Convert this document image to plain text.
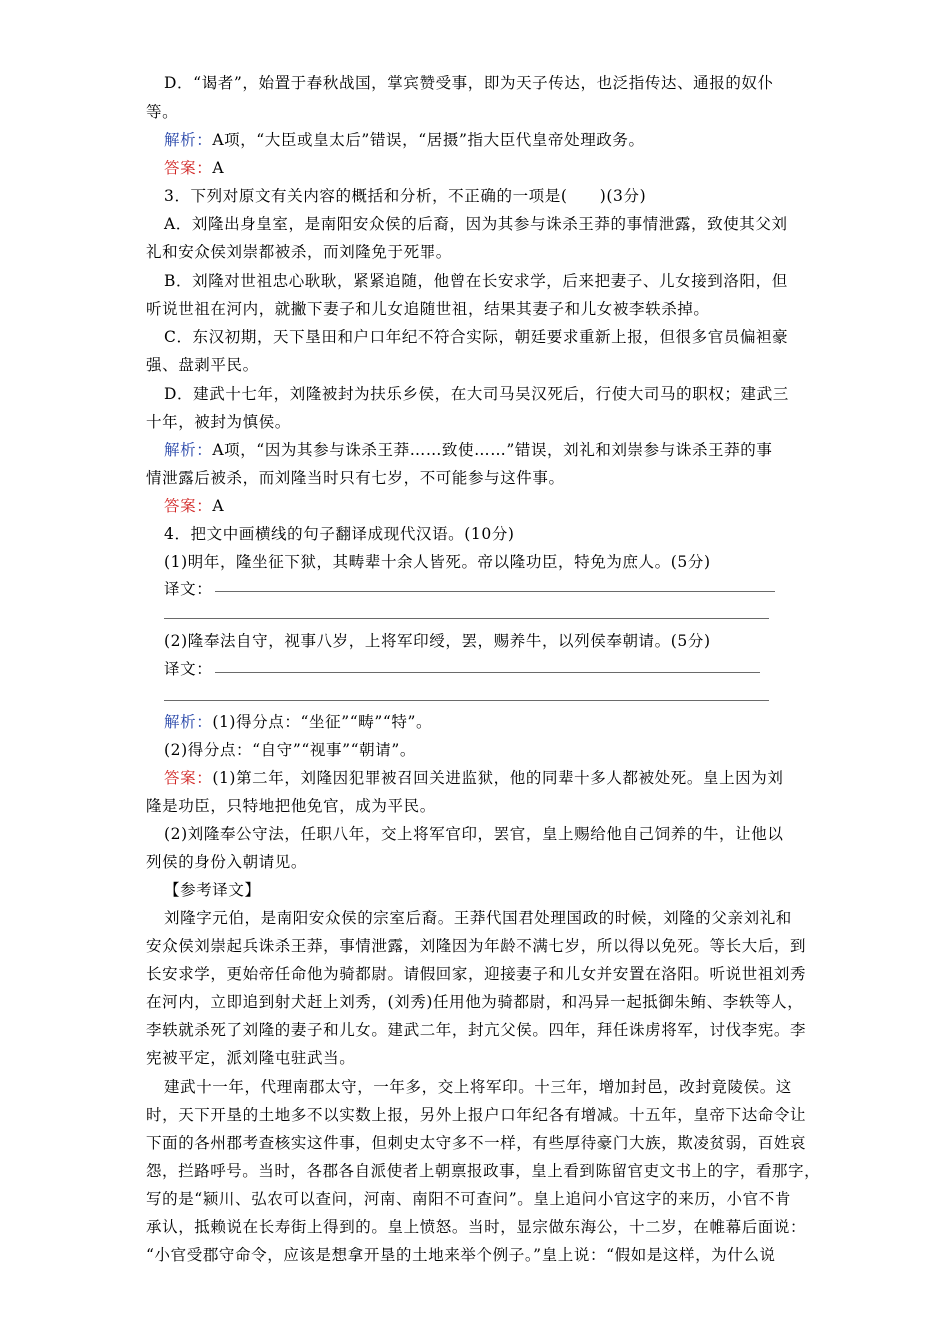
D．“谒者”，始置于春秋战国，掌宾赞受事，即为天子传达，也泛指传达、通报的奴仆
等。
解析：A项，“大臣或皇太后”错误，“居摄”指大臣代皇帝处理政务。
答案：A
3．下列对原文有关内容的概括和分析，不正确的一项是(　　)(3分)
A．刘隆出身皇室，是南阳安众侯的后裔，因为其参与诛杀王莽的事情泄露，致使其父刘
礼和安众侯刘崇都被杀，而刘隆免于死罪。
B．刘隆对世祖忠心耿耿，紧紧追随，他曾在长安求学，后来把妻子、儿女接到洛阳，但
听说世祖在河内，就撇下妻子和儿女追随世祖，结果其妻子和儿女被李轶杀掉。
C．东汉初期，天下垦田和户口年纪不符合实际，朝廷要求重新上报，但很多官员偏袒豪
强、盘剥平民。
D．建武十七年，刘隆被封为扶乐乡侯，在大司马吴汉死后，行使大司马的职权；建武三
十年，被封为慎侯。
解析：A项，“因为其参与诛杀王莽……致使……”错误，刘礼和刘崇参与诛杀王莽的事
情泄露后被杀，而刘隆当时只有七岁，不可能参与这件事。
答案：A
4．把文中画横线的句子翻译成现代汉语。(10分)
(1)明年，隆坐征下狱，其畴辈十余人皆死。帝以隆功臣，特免为庶人。(5分)
译文：
(2)隆奉法自守，视事八岁，上将军印绶，罢，赐养牛，以列侯奉朝请。(5分)
译文：
解析：(1)得分点：“坐征”“畴”“特”。
(2)得分点：“自守”“视事”“朝请”。
答案：(1)第二年，刘隆因犯罪被召回关进监狱，他的同辈十多人都被处死。皇上因为刘
隆是功臣，只特地把他免官，成为平民。
(2)刘隆奉公守法，任职八年，交上将军官印，罢官，皇上赐给他自己饲养的牛，让他以
列侯的身份入朝请见。
【参考译文】
刘隆字元伯，是南阳安众侯的宗室后裔。王莽代国君处理国政的时候，刘隆的父亲刘礼和
安众侯刘崇起兵诛杀王莽，事情泄露，刘隆因为年龄不满七岁，所以得以免死。等长大后，到
长安求学，更始帝任命他为骑都尉。请假回家，迎接妻子和儿女并安置在洛阳。听说世祖刘秀
在河内，立即追到射犬赶上刘秀，(刘秀)任用他为骑都尉，和冯异一起抵御朱鲔、李轶等人，
李轶就杀死了刘隆的妻子和儿女。建武二年，封亢父侯。四年，拜任诛虏将军，讨伐李宪。李
宪被平定，派刘隆屯驻武当。
建武十一年，代理南郡太守，一年多，交上将军印。十三年，增加封邑，改封竟陵侯。这
时，天下开垦的土地多不以实数上报，另外上报户口年纪各有增减。十五年，皇帝下达命令让
下面的各州郡考查核实这件事，但刺史太守多不一样，有些厚待豪门大族，欺凌贫弱，百姓哀
怨，拦路呼号。当时，各郡各自派使者上朝禀报政事，皇上看到陈留官吏文书上的字，看那字，
写的是“颍川、弘农可以查问，河南、南阳不可查问”。皇上追问小官这字的来历，小官不肯
承认，抵赖说在长寿街上得到的。皇上愤怒。当时，显宗做东海公，十二岁，在帷幕后面说：
“小官受郡守命令，应该是想拿开垦的土地来举个例子。”皇上说：“假如是这样，为什么说
